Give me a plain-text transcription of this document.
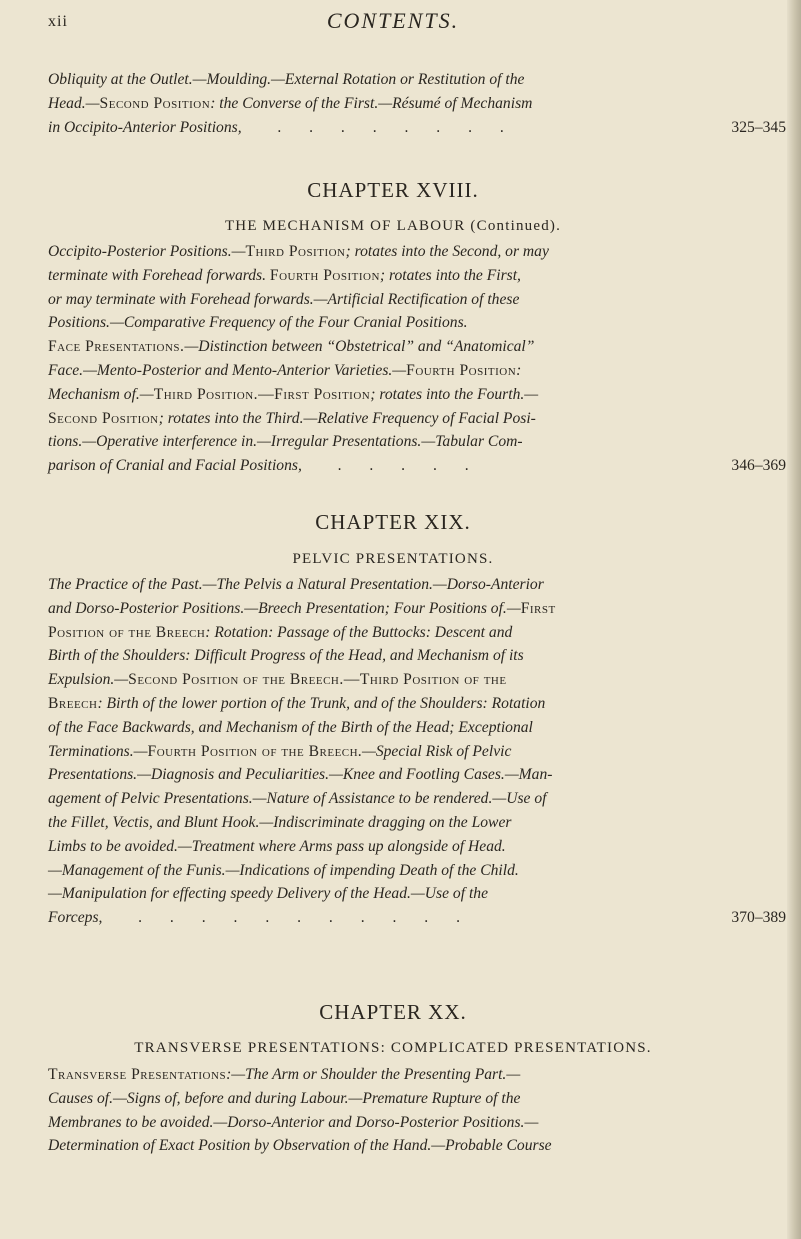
xii	CONTENTS.

Obliquity at the Outlet.—Moulding.—External Rotation or Restitution of the
Head.—Second Position: the Converse of the First.—Résumé of Mechanism
in Occipito-Anterior Positions,   . . . . . . . .	325–345

CHAPTER XVIII.
THE MECHANISM OF LABOUR (Continued).

Occipito-Posterior Positions.—Third Position; rotates into the Second, or may
terminate with Forehead forwards. Fourth Position; rotates into the First,
or may terminate with Forehead forwards.—Artificial Rectification of these
Positions.—Comparative Frequency of the Four Cranial Positions.
Face Presentations.—Distinction between “Obstetrical” and “Anatomical”
Face.—Mento-Posterior and Mento-Anterior Varieties.—Fourth Position:
Mechanism of.—Third Position.—First Position; rotates into the Fourth.—
Second Position; rotates into the Third.—Relative Frequency of Facial Posi-
tions.—Operative interference in.—Irregular Presentations.—Tabular Com-
parison of Cranial and Facial Positions,   . . . . .	346–369

CHAPTER XIX.
PELVIC PRESENTATIONS.

The Practice of the Past.—The Pelvis a Natural Presentation.—Dorso-Anterior
and Dorso-Posterior Positions.—Breech Presentation; Four Positions of.—First
Position of the Breech: Rotation: Passage of the Buttocks: Descent and
Birth of the Shoulders: Difficult Progress of the Head, and Mechanism of its
Expulsion.—Second Position of the Breech.—Third Position of the
Breech: Birth of the lower portion of the Trunk, and of the Shoulders: Rotation
of the Face Backwards, and Mechanism of the Birth of the Head; Exceptional
Terminations.—Fourth Position of the Breech.—Special Risk of Pelvic
Presentations.—Diagnosis and Peculiarities.—Knee and Footling Cases.—Man-
agement of Pelvic Presentations.—Nature of Assistance to be rendered.—Use of
the Fillet, Vectis, and Blunt Hook.—Indiscriminate dragging on the Lower
Limbs to be avoided.—Treatment where Arms pass up alongside of Head.
—Management of the Funis.—Indications of impending Death of the Child.
—Manipulation for effecting speedy Delivery of the Head.—Use of the
Forceps,   . . . . . . . . . . .	370–389

CHAPTER XX.
TRANSVERSE PRESENTATIONS: COMPLICATED PRESENTATIONS.

Transverse Presentations:—The Arm or Shoulder the Presenting Part.—
Causes of.—Signs of, before and during Labour.—Premature Rupture of the
Membranes to be avoided.—Dorso-Anterior and Dorso-Posterior Positions.—
Determination of Exact Position by Observation of the Hand.—Probable Course
